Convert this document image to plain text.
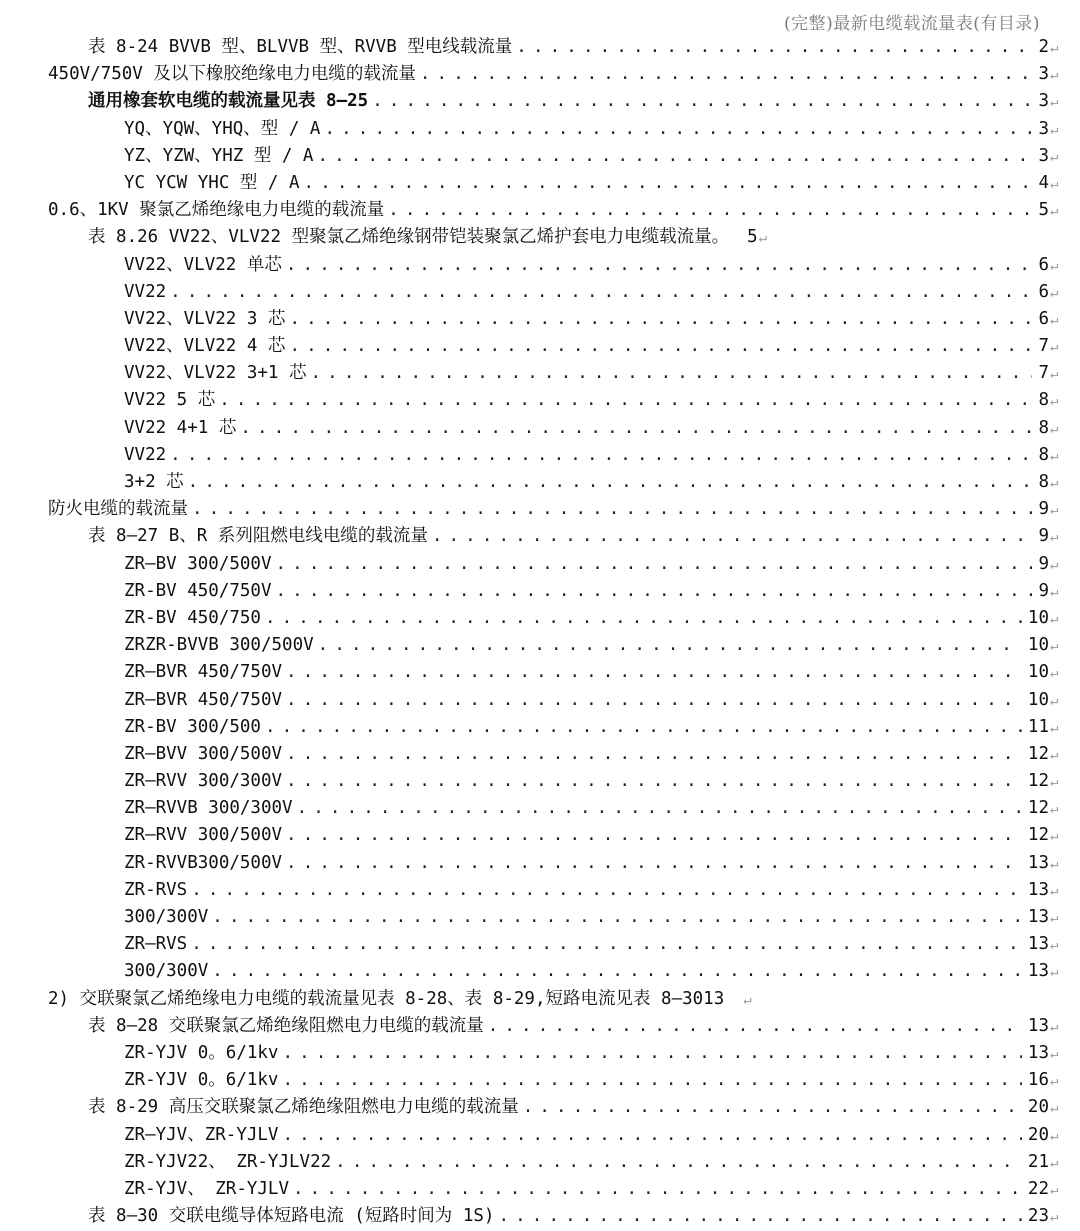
(完整)最新电缆载流量表(有目录)
表 8-24 BVVB 型、BLVVB 型、RVVB 型电线载流量 . . .	2 ↵
450V/750V 及以下橡胶绝缘电力电缆的载流量 . . .	3 ↵
通用橡套软电缆的载流量见表 8—25 . . .	3 ↵
YQ、YQW、YHQ、型 / A . . .	3 ↵
YZ、YZW、YHZ 型 / A . . .	3 ↵
YC YCW YHC 型 / A . . .	4 ↵
0.6、1KV 聚氯乙烯绝缘电力电缆的载流量 . . .	5 ↵
表 8.26 VV22、VLV22 型聚氯乙烯绝缘钢带铠装聚氯乙烯护套电力电缆载流量。 5 ↵
VV22、VLV22 单芯 . . .	6 ↵
VV22 . . .	6 ↵
VV22、VLV22 3 芯 . . .	6 ↵
VV22、VLV22 4 芯 . . .	7 ↵
VV22、VLV22 3+1 芯 . . .	7 ↵
VV22 5 芯 . . .	8 ↵
VV22 4+1 芯 . . .	8 ↵
VV22 . . .	8 ↵
3+2 芯 . . .	8 ↵
防火电缆的载流量 . . .	9 ↵
表 8—27 B、R 系列阻燃电线电缆的载流量 . . .	9 ↵
ZR—BV 300/500V . . .	9 ↵
ZR-BV 450/750V . . .	9 ↵
ZR-BV 450/750 . . .	10 ↵
ZRZR-BVVB 300/500V . . .	10 ↵
ZR—BVR 450/750V . . .	10 ↵
ZR—BVR 450/750V . . .	10 ↵
ZR-BV 300/500 . . .	11 ↵
ZR—BVV 300/500V . . .	12 ↵
ZR—RVV 300/300V . . .	12 ↵
ZR—RVVB 300/300V . . .	12 ↵
ZR—RVV 300/500V . . .	12 ↵
ZR-RVVB300/500V . . .	13 ↵
ZR-RVS . . .	13 ↵
300/300V . . .	13 ↵
ZR—RVS . . .	13 ↵
300/300V . . .	13 ↵
2) 交联聚氯乙烯绝缘电力电缆的载流量见表 8-28、表 8-29,短路电流见表 8—3013 ↵
表 8—28 交联聚氯乙烯绝缘阻燃电力电缆的载流量 . . .	13 ↵
ZR-YJV 0。6/1kv . . .	13 ↵
ZR-YJV 0。6/1kv . . .	16 ↵
表 8-29 高压交联聚氯乙烯绝缘阻燃电力电缆的载流量 . . .	20 ↵
ZR—YJV、ZR-YJLV . . .	20 ↵
ZR-YJV22、 ZR-YJLV22 . . .	21 ↵
ZR-YJV、 ZR-YJLV . . .	22 ↵
表 8—30 交联电缆导体短路电流 (短路时间为 1S) . . .	23 ↵
